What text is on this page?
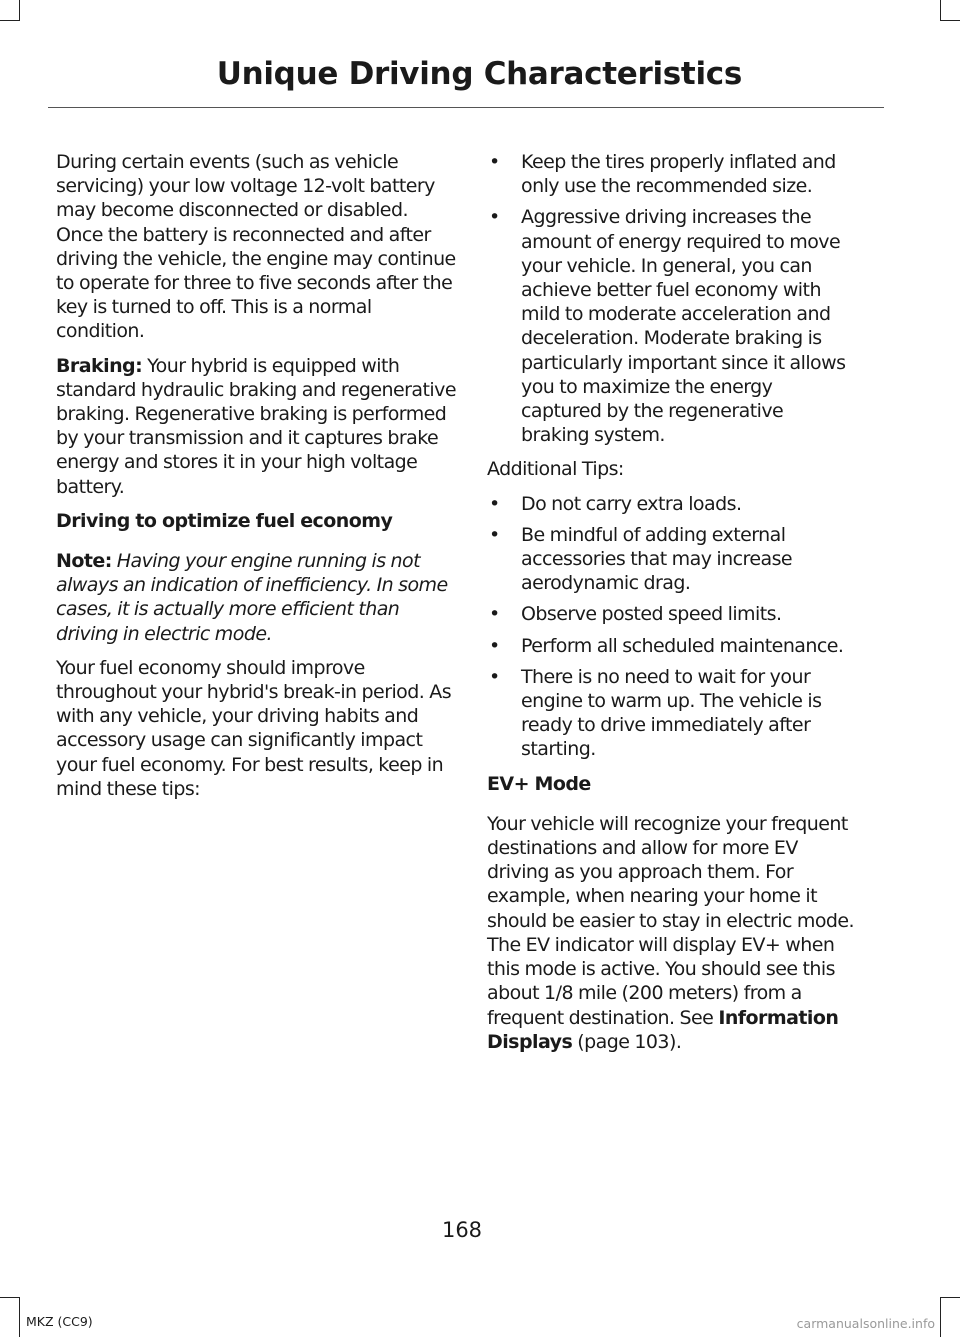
Unique Driving Characteristics

During certain events (such as vehicle servicing) your low voltage 12-volt battery may become disconnected or disabled. Once the battery is reconnected and after driving the vehicle, the engine may continue to operate for three to five seconds after the key is turned to off. This is a normal condition.

Braking: Your hybrid is equipped with standard hydraulic braking and regenerative braking. Regenerative braking is performed by your transmission and it captures brake energy and stores it in your high voltage battery.

Driving to optimize fuel economy

Note: Having your engine running is not always an indication of inefficiency. In some cases, it is actually more efficient than driving in electric mode.

Your fuel economy should improve throughout your hybrid's break-in period. As with any vehicle, your driving habits and accessory usage can significantly impact your fuel economy. For best results, keep in mind these tips:

• Keep the tires properly inflated and only use the recommended size.
• Aggressive driving increases the amount of energy required to move your vehicle. In general, you can achieve better fuel economy with mild to moderate acceleration and deceleration. Moderate braking is particularly important since it allows you to maximize the energy captured by the regenerative braking system.

Additional Tips:

• Do not carry extra loads.
• Be mindful of adding external accessories that may increase aerodynamic drag.
• Observe posted speed limits.
• Perform all scheduled maintenance.
• There is no need to wait for your engine to warm up. The vehicle is ready to drive immediately after starting.

EV+ Mode

Your vehicle will recognize your frequent destinations and allow for more EV driving as you approach them. For example, when nearing your home it should be easier to stay in electric mode. The EV indicator will display EV+ when this mode is active. You should see this about 1/8 mile (200 meters) from a frequent destination. See Information Displays (page 103).

168
MKZ (CC9)	carmanualsonline.info
